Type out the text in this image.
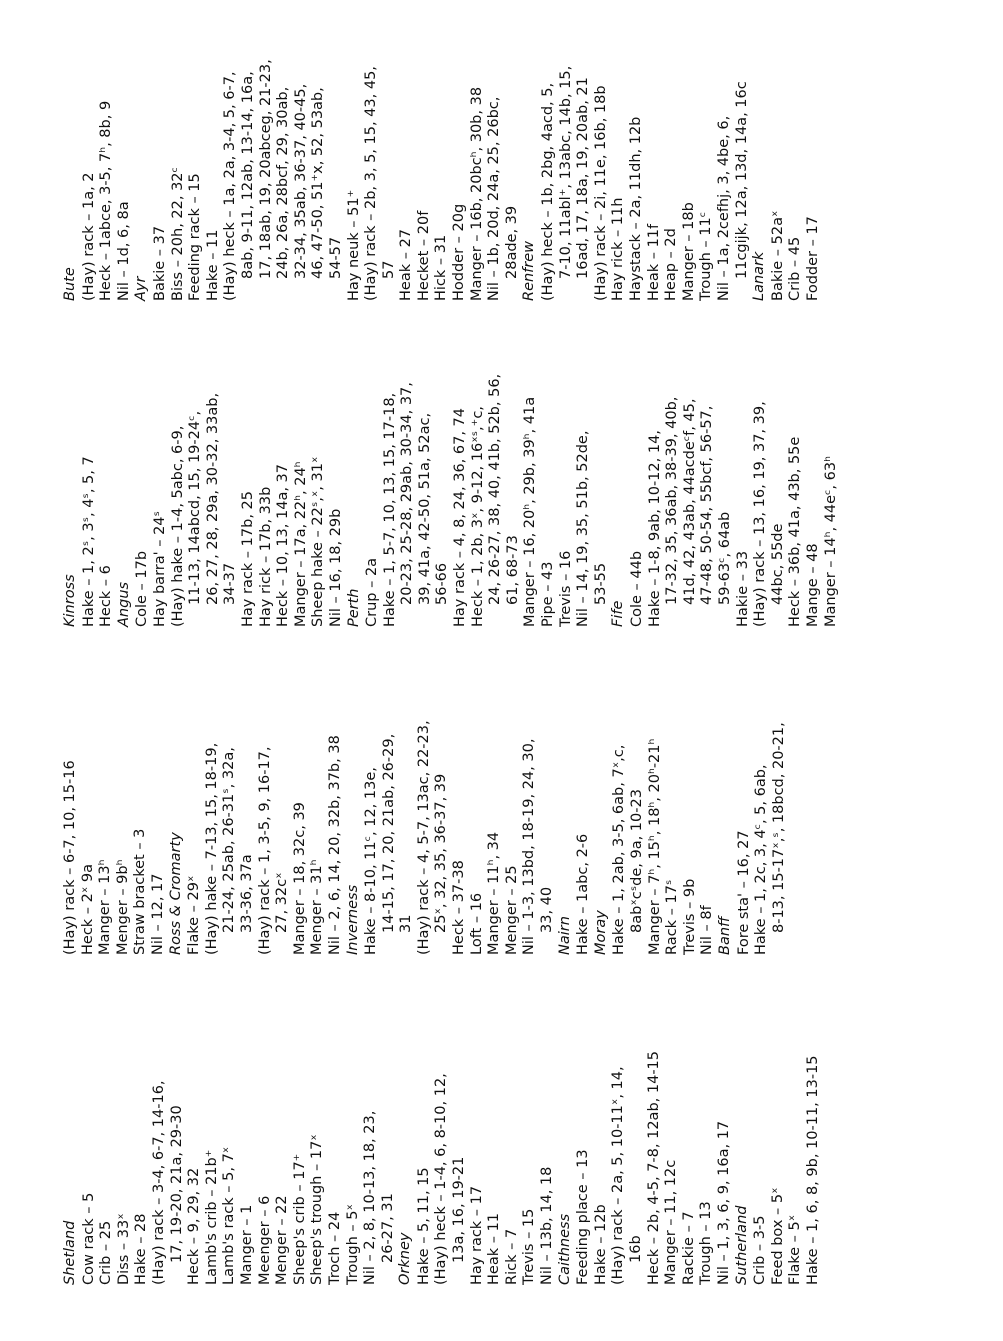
Shetland Cow rack – 5 Crib – 25 Diss – 33ˣ Hake – 28 (Hay) rack – 3-4, 6-7, 14-16, 17, 19-20, 21a, 29-30 Heck – 9, 29, 32 Lamb's crib – 21b⁺ Lamb's rack – 5, 7ˣ Manger – 1 Meenger – 6 Menger – 22 Sheep's crib – 17⁺ Sheep's trough – 17ˣ Troch – 24 Trough – 5ˣ Nil – 2, 8, 10-13, 18, 23, 26-27, 31 Orkney Hake – 5, 11, 15 (Hay) heck – 1-4, 6, 8-10, 12, 13a, 16, 19-21 Hay rack – 17 Heak – 11 Rick – 7 Trevis – 15 Nil – 13b, 14, 18 Caithness Feeding place – 13 Hake – 12b (Hay) rack – 2a, 5, 10-11ˣ, 14, 16b Heck – 2b, 4-5, 7-8, 12ab, 14-15 Manger – 11, 12c Rackie – 7 Trough – 13 Nil – 1, 3, 6, 9, 16a, 17 Sutherland Crib – 3-5 Feed box – 5ˣ Flake – 5ˣ Hake – 1, 6, 8, 9b, 10-11, 13-15
(Hay) rack – 6-7, 10, 15-16 Heck – 2ˣ 9a Manger – 13ʰ Menger – 9bʰ Straw bracket – 3 Nil – 12, 17 Ross & Cromarty Flake – 29ˣ (Hay) hake – 7-13, 15, 18-19, 21-24, 25ab, 26-31ˢ, 32a, 33-36, 37a (Hay) rack – 1, 3-5, 9, 16-17, 27, 32cˣ Manger – 18, 32c, 39 Menger – 31ʰ Nil – 2, 6, 14, 20, 32b, 37b, 38 Inverness Hake – 8-10, 11ᶜ, 12, 13e, 14-15, 17, 20, 21ab, 26-29, 31 (Hay) rack – 4, 5-7, 13ac, 22-23, 25ˣ, 32, 35, 36-37, 39 Heck – 37-38 Loft – 16 Manger – 11ʰ, 34 Menger – 25 Nil – 1-3, 13bd, 18-19, 24, 30, 33, 40
Nairn Hake – 1abc, 2-6 Moray Hake – 1, 2ab, 3-5, 6ab, 7ˣ,c, 8abˣcˢde, 9a, 10-23 Manger – 7ʰ, 15ʰ, 18ʰ, 20ʰ-21ʰ Rack – 17ˢ Trevis – 9b Nil – 8f Banff Fore sta' – 16, 27 Hake – 1, 2c, 3, 4ᶜ, 5, 6ab, 8-13, 15-17ˣ,ˢ, 18bcd, 20-21,
Kinross Hake – 1, 2ˢ, 3ˢ, 4ˢ, 5, 7 Heck – 6 Angus Cole – 17b Hay barra' – 24ˢ (Hay) hake – 1-4, 5abc, 6-9, 11-13, 14abcd, 15, 19-24ᶜ, 26, 27, 28, 29a, 30-32, 33ab, 34-37 Hay rack – 17b, 25 Hay rick – 17b, 33b Heck – 10, 13, 14a, 37 Manger – 17a, 22ʰ, 24ʰ Sheep hake – 22ˢ,ˣ, 31ˣ Nil – 16, 18, 29b Perth Crup – 2a Hake – 1, 5-7, 10, 13, 15, 17-18, 20-23, 25-28, 29ab, 30-34, 37, 39, 41a, 42-50, 51a, 52ac, 56-66 Hay rack – 4, 8, 24, 36, 67, 74 Heck – 1, 2b, 3ˣ, 9-12, 16ˣˢ,⁺c, 24, 26-27, 38, 40, 41b, 52b, 56, 61, 68-73 Manger – 16, 20ʰ, 29b, 39ʰ, 41a Pipe – 43 Trevis – 16 Nil – 14, 19, 35, 51b, 52de, 53-55
Fife Cole – 44b Hake – 1-8, 9ab, 10-12, 14, 17-32, 35, 36ab, 38-39, 40b, 41d, 42, 43ab, 44acdeᶜf, 45, 47-48, 50-54, 55bcf, 56-57, 59-63ᶜ, 64ab Hakie – 33 (Hay) rack – 13, 16, 19, 37, 39, 44bc, 55de Heck – 36b, 41a, 43b, 55e Mange – 48 Manger – 14ʰ, 44eᶜ, 63ʰ
Bute (Hay) rack – 1a, 2 Heck – 1abce, 3-5, 7ʰ, 8b, 9 Nil – 1d, 6, 8a Ayr Bakie – 37 Biss – 20h, 22, 32ᶜ Feeding rack – 15 Hake – 11 (Hay) heck – 1a, 2a, 3-4, 5, 6-7, 8ab, 9-11, 12ab, 13-14, 16a, 17, 18ab, 19, 20abceg, 21-23, 24b, 26a, 28bcf, 29, 30ab, 32-34, 35ab, 36-37, 40-45, 46, 47-50, 51⁺x, 52, 53ab, 54-57 Hay neuk – 51⁺ (Hay) rack – 2b, 3, 5, 15, 43, 45, 57 Heak – 27 Hecket – 20f Hick – 31 Hodder – 20g Manger – 16b, 20bcʰ, 30b, 38 Nil – 1b, 20d, 24a, 25, 26bc, 28ade, 39 Renfrew (Hay) heck – 1b, 2bg, 4acd, 5, 7-10, 11abl⁺, 13abc, 14b, 15, 16ad, 17, 18a, 19, 20ab, 21 (Hay) rack – 2i, 11e, 16b, 18b Hay rick – 11h Haystack – 2a, 11dh, 12b Heak – 11f Heap – 2d Manger – 18b Trough – 11ᶜ Nil – 1a, 2cefhj, 3, 4be, 6, 11cgijk, 12a, 13d, 14a, 16c Lanark Bakie – 52aˣ Crib – 45 Fodder – 17
